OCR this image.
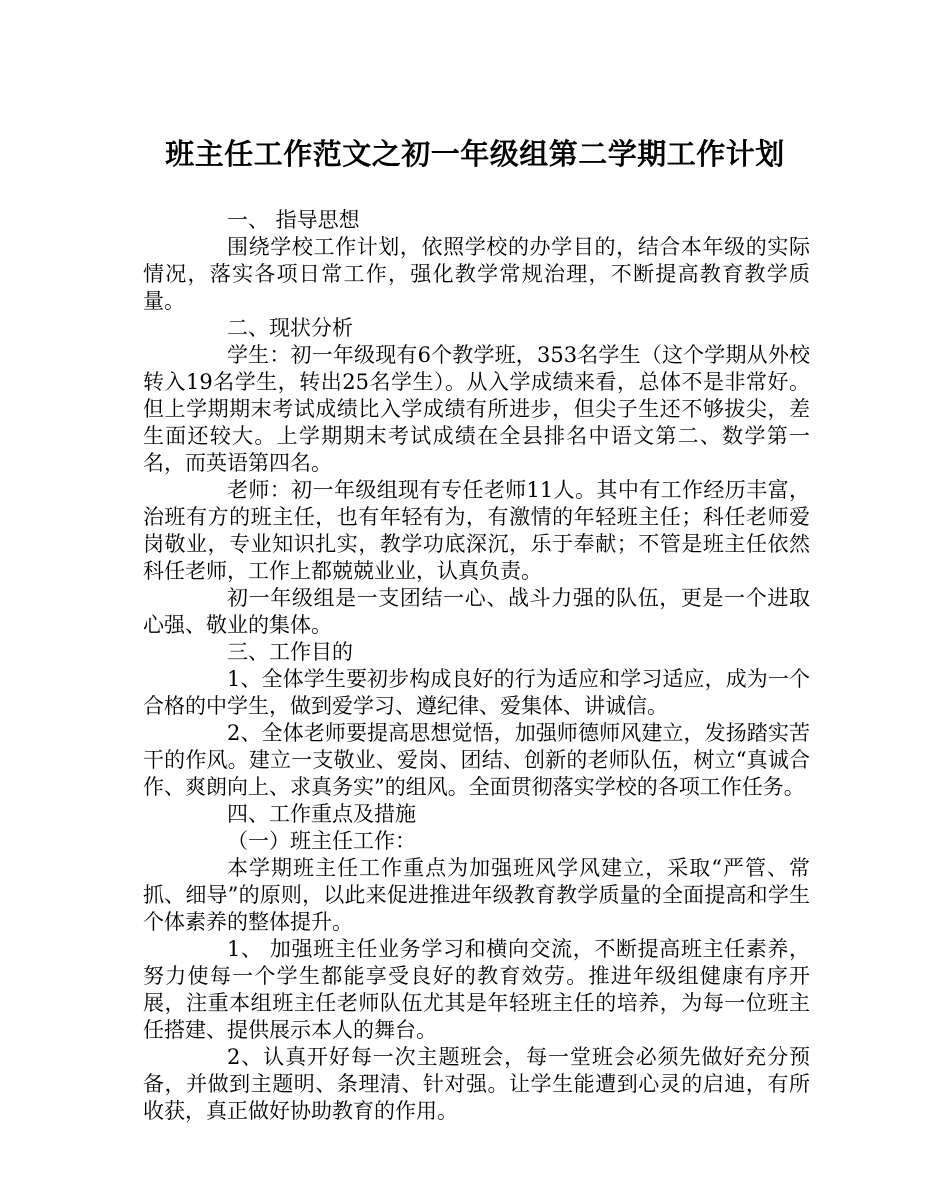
班主任工作范文之初一年级组第二学期工作计划

一、 指导思想

围绕学校工作计划，依照学校的办学目的，结合本年级的实际情况，落实各项日常工作，强化教学常规治理，不断提高教育教学质量。

二、现状分析

学生：初一年级现有6个教学班，353名学生（这个学期从外校转入19名学生，转出25名学生）。从入学成绩来看，总体不是非常好。但上学期期末考试成绩比入学成绩有所进步，但尖子生还不够拔尖，差生面还较大。上学期期末考试成绩在全县排名中语文第二、数学第一名，而英语第四名。

老师：初一年级组现有专任老师11人。其中有工作经历丰富，治班有方的班主任，也有年轻有为，有激情的年轻班主任；科任老师爱岗敬业，专业知识扎实，教学功底深沉，乐于奉献；不管是班主任依然科任老师，工作上都兢兢业业，认真负责。

初一年级组是一支团结一心、战斗力强的队伍，更是一个进取心强、敬业的集体。

三、工作目的

1、全体学生要初步构成良好的行为适应和学习适应，成为一个合格的中学生，做到爱学习、遵纪律、爱集体、讲诚信。

2、全体老师要提高思想觉悟，加强师德师风建立，发扬踏实苦干的作风。建立一支敬业、爱岗、团结、创新的老师队伍，树立“真诚合作、爽朗向上、求真务实”的组风。全面贯彻落实学校的各项工作任务。

四、工作重点及措施

（一）班主任工作：

本学期班主任工作重点为加强班风学风建立，采取“严管、常抓、细导”的原则，以此来促进推进年级教育教学质量的全面提高和学生个体素养的整体提升。

1、 加强班主任业务学习和横向交流，不断提高班主任素养，努力使每一个学生都能享受良好的教育效劳。推进年级组健康有序开展，注重本组班主任老师队伍尤其是年轻班主任的培养，为每一位班主任搭建、提供展示本人的舞台。

2、认真开好每一次主题班会，每一堂班会必须先做好充分预备，并做到主题明、条理清、针对强。让学生能遭到心灵的启迪，有所收获，真正做好协助教育的作用。
